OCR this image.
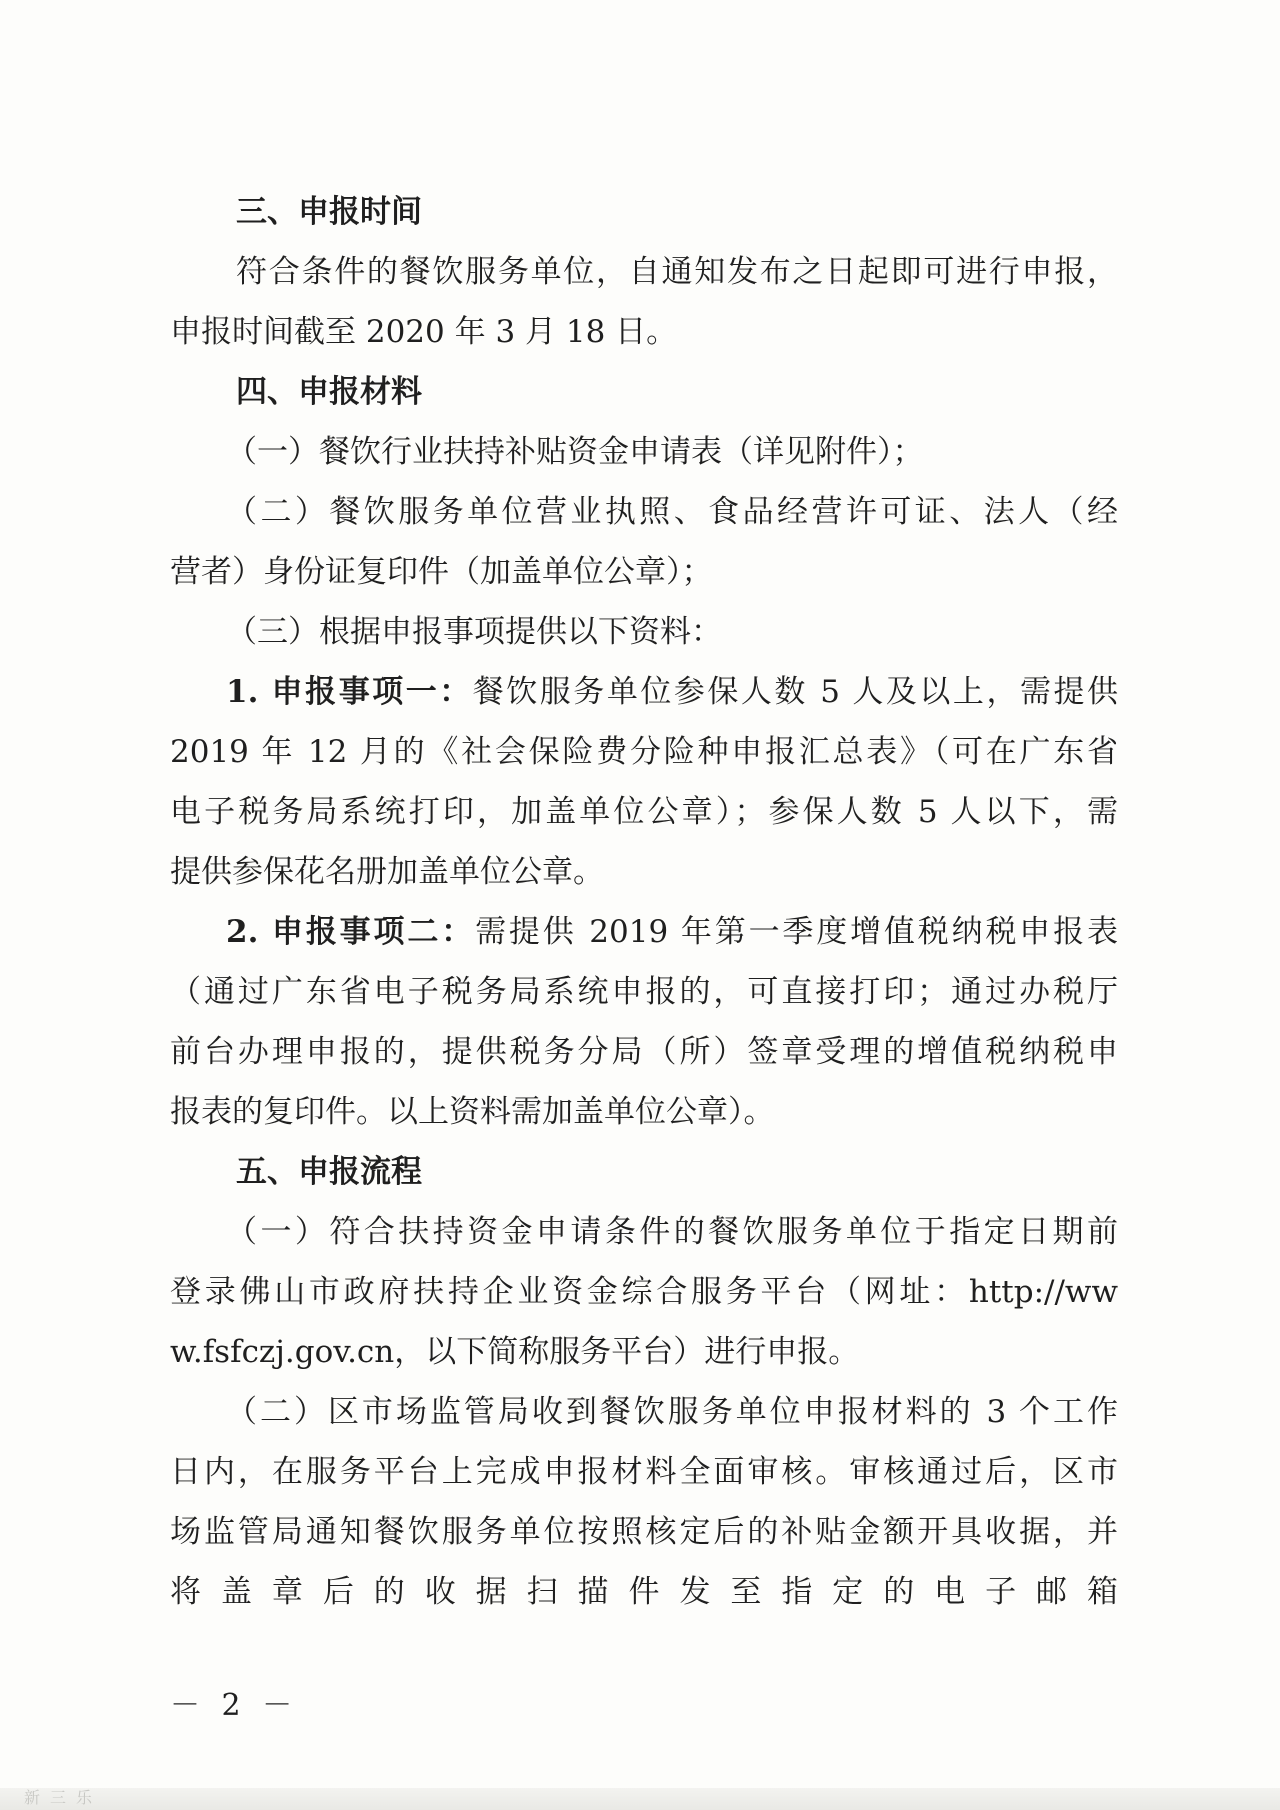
三、申报时间
符合条件的餐饮服务单位，自通知发布之日起即可进行申报，
申报时间截至 2020 年 3 月 18 日。
四、申报材料
（一）餐饮行业扶持补贴资金申请表（详见附件）；
（二）餐饮服务单位营业执照、食品经营许可证、法人（经
营者）身份证复印件（加盖单位公章）；
（三）根据申报事项提供以下资料：
1. 申报事项一：餐饮服务单位参保人数 5 人及以上，需提供
2019 年 12 月的《社会保险费分险种申报汇总表》（可在广东省
电子税务局系统打印，加盖单位公章）；参保人数 5 人以下，需
提供参保花名册加盖单位公章。
2. 申报事项二：需提供 2019 年第一季度增值税纳税申报表
（通过广东省电子税务局系统申报的，可直接打印；通过办税厅
前台办理申报的，提供税务分局（所）签章受理的增值税纳税申
报表的复印件。以上资料需加盖单位公章）。
五、申报流程
（一）符合扶持资金申请条件的餐饮服务单位于指定日期前
登录佛山市政府扶持企业资金综合服务平台（网址：http://ww
w.fsfczj.gov.cn，以下简称服务平台）进行申报。
（二）区市场监管局收到餐饮服务单位申报材料的 3 个工作
日内，在服务平台上完成申报材料全面审核。审核通过后，区市
场监管局通知餐饮服务单位按照核定后的补贴金额开具收据，并
将盖章后的收据扫描件发至指定的电子邮箱
－ 2 －
新三乐
